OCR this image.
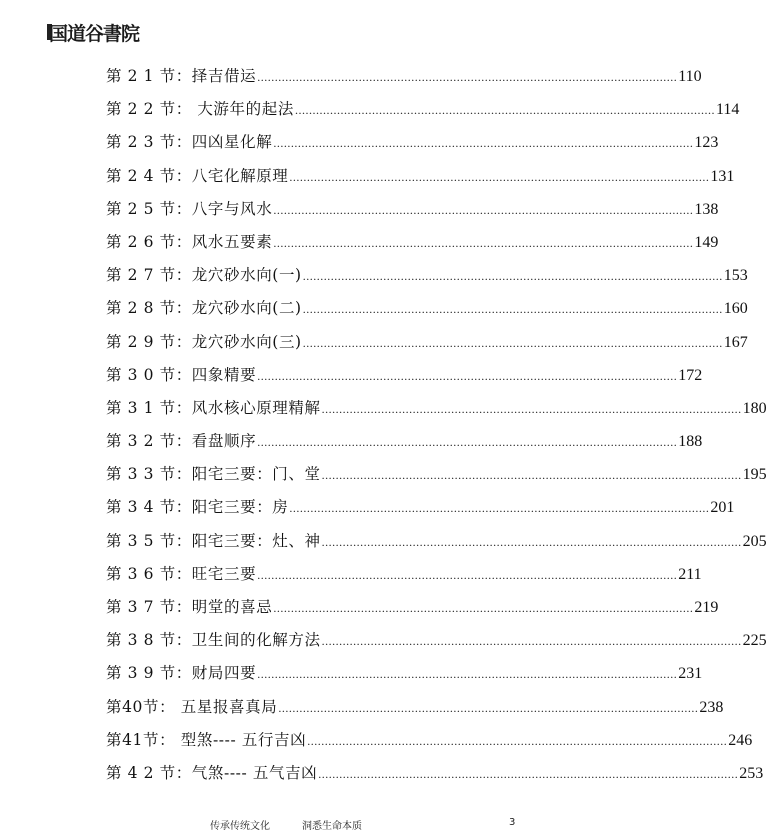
国道谷書院
第 2 1 节：择吉借运 ........................................................................................................................ 110
第 2 2 节： 大游年的起法 ........................................................................................................................ 114
第 2 3 节：四凶星化解 ........................................................................................................................ 123
第 2 4 节：八宅化解原理 ........................................................................................................................ 131
第 2 5 节：八字与风水 ........................................................................................................................ 138
第 2 6 节：风水五要素 ........................................................................................................................ 149
第 2 7 节：龙穴砂水向(一) ........................................................................................................................ 153
第 2 8 节：龙穴砂水向(二) ........................................................................................................................ 160
第 2 9 节：龙穴砂水向(三) ........................................................................................................................ 167
第 3 0 节：四象精要 ........................................................................................................................ 172
第 3 1 节：风水核心原理精解 ........................................................................................................................ 180
第 3 2 节：看盘顺序 ........................................................................................................................ 188
第 3 3 节：阳宅三要：门、堂 ........................................................................................................................ 195
第 3 4 节：阳宅三要：房 ........................................................................................................................ 201
第 3 5 节：阳宅三要：灶、神 ........................................................................................................................ 205
第 3 6 节：旺宅三要 ........................................................................................................................ 211
第 3 7 节：明堂的喜忌 ........................................................................................................................ 219
第 3 8 节：卫生间的化解方法 ........................................................................................................................ 225
第 3 9 节：财局四要 ........................................................................................................................ 231
第40节： 五星报喜真局 ........................................................................................................................ 238
第41节： 型煞---- 五行吉凶 ........................................................................................................................ 246
第 4 2 节：气煞---- 五气吉凶 ........................................................................................................................ 253
传承传统文化	洞悉生命本质	3
